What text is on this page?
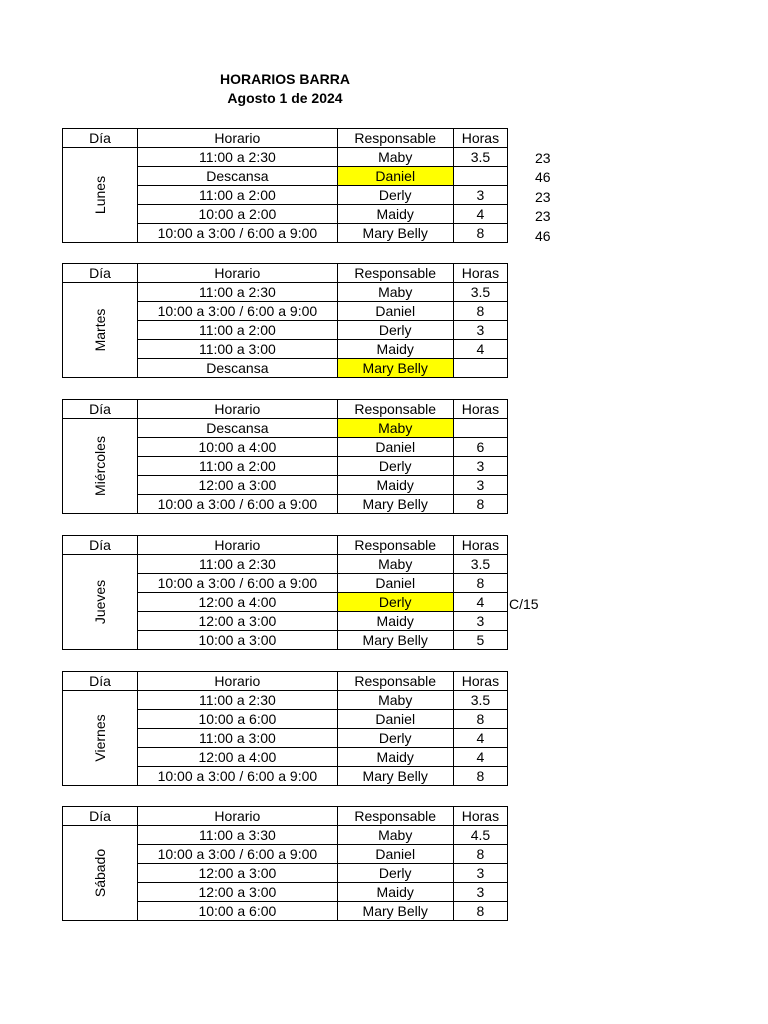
HORARIOS BARRA
Agosto 1 de 2024
23
46
23
23
46
Día	Horario	Responsable	Horas

Lunes	11:00 a 2:30	Maby	3.5
	Descansa	Daniel	
	11:00 a 2:00	Derly	3
	10:00 a 2:00	Maidy	4
	10:00 a 3:00 / 6:00 a 9:00	Mary Belly	8
Día	Horario	Responsable	Horas

Martes	11:00 a 2:30	Maby	3.5
	10:00 a 3:00 / 6:00 a 9:00	Daniel	8
	11:00 a 2:00	Derly	3
	11:00 a 3:00	Maidy	4
	Descansa	Mary Belly	
Día	Horario	Responsable	Horas

Miércoles	Descansa	Maby	
	10:00 a 4:00	Daniel	6
	11:00 a 2:00	Derly	3
	12:00 a 3:00	Maidy	3
	10:00 a 3:00 / 6:00 a 9:00	Mary Belly	8
C/15
Día	Horario	Responsable	Horas

Jueves	11:00 a 2:30	Maby	3.5
	10:00 a 3:00 / 6:00 a 9:00	Daniel	8
	12:00 a 4:00	Derly	4
	12:00 a 3:00	Maidy	3
	10:00 a 3:00	Mary Belly	5
Día	Horario	Responsable	Horas

Viernes	11:00 a 2:30	Maby	3.5
	10:00 a 6:00	Daniel	8
	11:00 a 3:00	Derly	4
	12:00 a 4:00	Maidy	4
	10:00 a 3:00 / 6:00 a 9:00	Mary Belly	8
Día	Horario	Responsable	Horas

Sábado	11:00 a 3:30	Maby	4.5
	10:00 a 3:00 / 6:00 a 9:00	Daniel	8
	12:00 a 3:00	Derly	3
	12:00 a 3:00	Maidy	3
	10:00 a 6:00	Mary Belly	8
